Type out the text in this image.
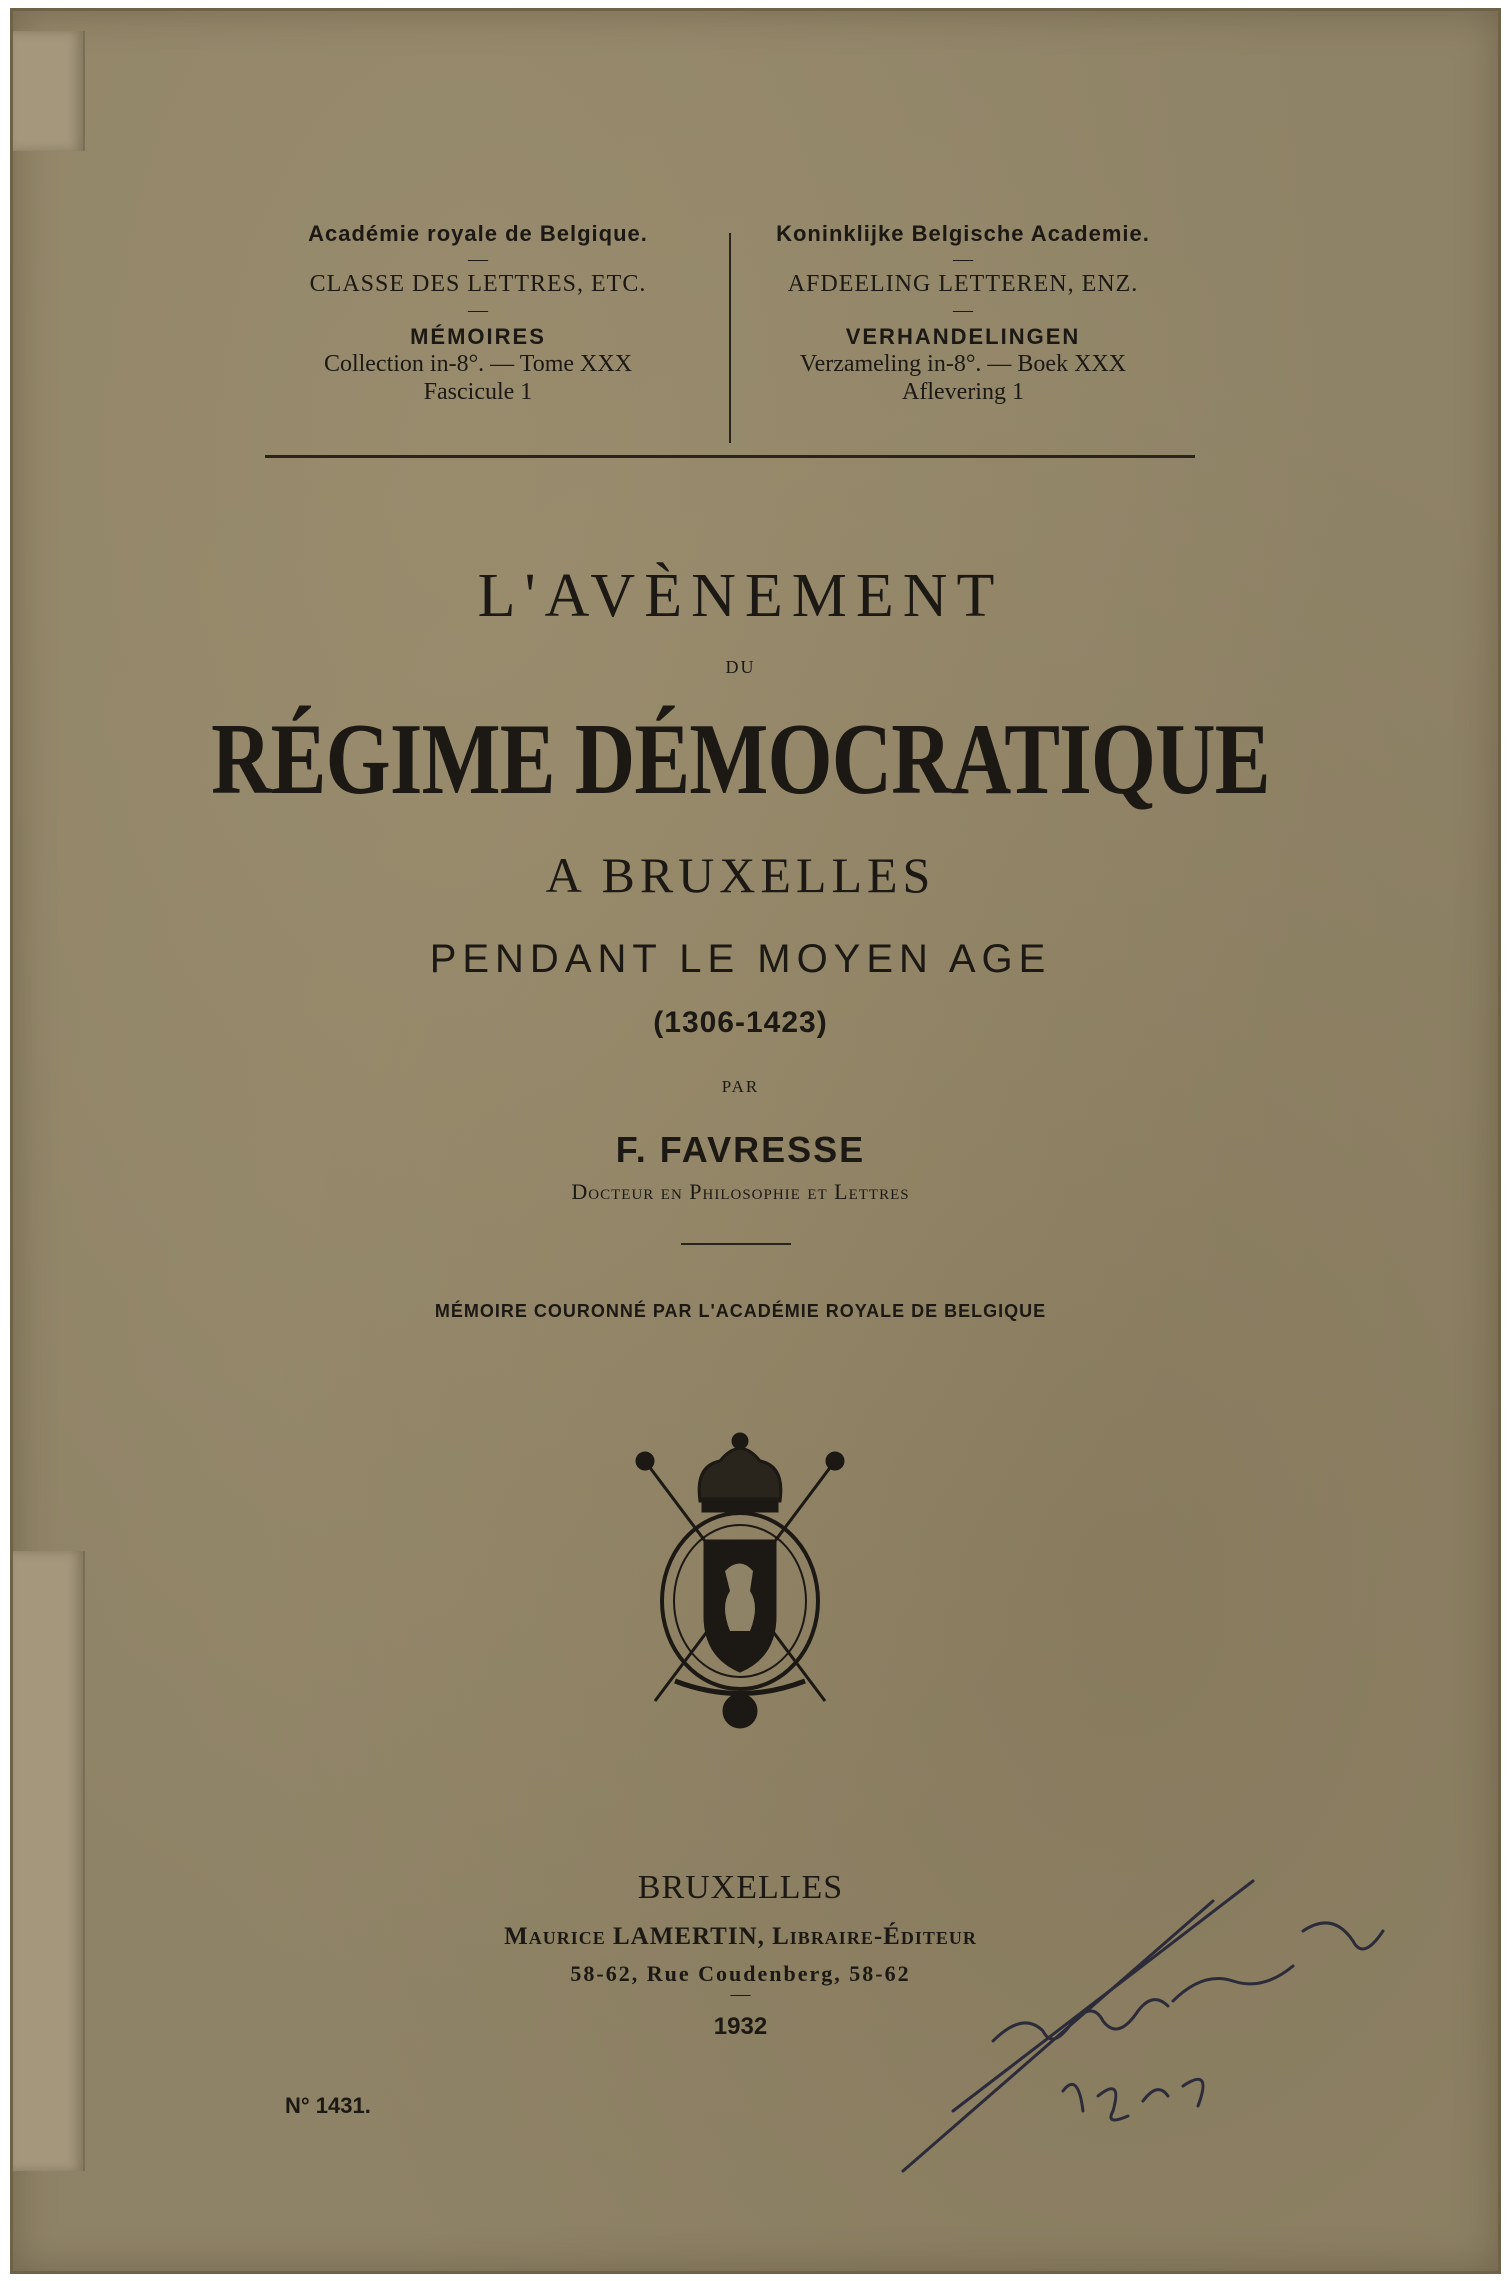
Académie royale de Belgique.
—
CLASSE DES LETTRES, ETC.
—
MÉMOIRES
Collection in-8°. — Tome XXX
Fascicule 1
Koninklijke Belgische Academie.
—
AFDEELING LETTEREN, ENZ.
—
VERHANDELINGEN
Verzameling in-8°. — Boek XXX
Aflevering 1
L'AVÈNEMENT
DU
RÉGIME DÉMOCRATIQUE
A BRUXELLES
PENDANT LE MOYEN AGE
(1306-1423)
PAR
F. FAVRESSE
Docteur en Philosophie et Lettres
MÉMOIRE COURONNÉ PAR L'ACADÉMIE ROYALE DE BELGIQUE
BRUXELLES
Maurice LAMERTIN, Libraire-Éditeur
58-62, Rue Coudenberg, 58-62
—
1932
N° 1431.
